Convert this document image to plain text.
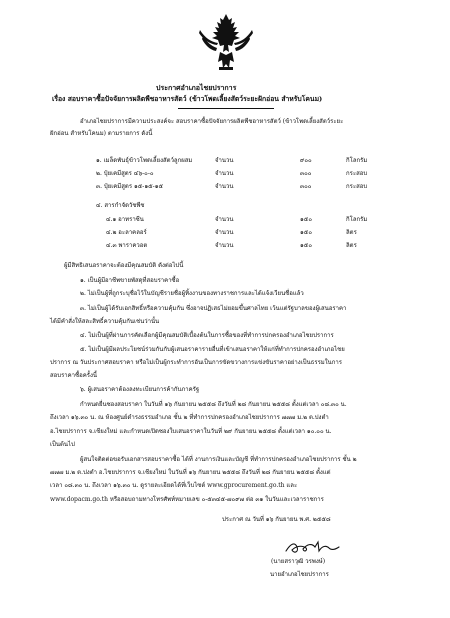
ประกาศอำเภอไชยปราการ
เรื่อง สอบราคาซื้อปัจจัยการผลิตพืชอาหารสัตว์ (ข้าวโพดเลี้ยงสัตว์ระยะฝักอ่อน สำหรับโคนม)
อำเภอไชยปราการมีความประสงค์จะ สอบราคาซื้อปัจจัยการผลิตพืชอาหารสัตว์ (ข้าวโพดเลี้ยงสัตว์ระยะ
ฝักอ่อน สำหรับโคนม) ตามรายการ ดังนี้
๑. เมล็ดพันธุ์ข้าวโพดเลี้ยงสัตว์ลูกผสม	จำนวน	๙๐๐	กิโลกรัม
๒. ปุ๋ยเคมีสูตร ๔๖-๐-๐	จำนวน	๓๐๐	กระสอบ
๓. ปุ๋ยเคมีสูตร ๑๕-๑๕-๑๕	จำนวน	๓๐๐	กระสอบ
๔. สารกำจัดวัชพืช
๔.๑ อาทราซีน	จำนวน	๑๕๐	กิโลกรัม
๔.๒ อะลาคลอร์	จำนวน	๑๕๐	ลิตร
๔.๓ พาราควอต	จำนวน	๑๕๐	ลิตร
ผู้มีสิทธิเสนอราคาจะต้องมีคุณสมบัติ ดังต่อไปนี้
๑. เป็นผู้มีอาชีพขายพัสดุที่สอบราคาซื้อ
๒. ไม่เป็นผู้ที่ถูกระบุชื่อไว้ในบัญชีรายชื่อผู้ทิ้งงานของทางราชการและได้แจ้งเวียนชื่อแล้ว
๓. ไม่เป็นผู้ได้รับเอกสิทธิ์หรือความคุ้มกัน ซึ่งอาจปฏิเสธไม่ยอมขึ้นศาลไทย เว้นแต่รัฐบาลของผู้เสนอราคา
ได้มีคำสั่งให้สละสิทธิ์ความคุ้มกันเช่นว่านั้น
๔. ไม่เป็นผู้ที่ผ่านการคัดเลือกผู้มีคุณสมบัติเบื้องต้นในการซื้อของที่ทำการปกครองอำเภอไชยปราการ
๕. ไม่เป็นผู้มีผลประโยชน์ร่วมกันกับผู้เสนอราคารายอื่นที่เข้าเสนอราคาให้แก่ที่ทำการปกครองอำเภอไชย
ปราการ ณ วันประกาศสอบราคา หรือไม่เป็นผู้กระทำการอันเป็นการขัดขวางการแข่งขันราคาอย่างเป็นธรรมในการ
สอบราคาซื้อครั้งนี้
๖. ผู้เสนอราคาต้องลงทะเบียนการค้ากับภาครัฐ
กำหนดยื่นซองสอบราคา ในวันที่ ๑๖ กันยายน ๒๕๕๘ ถึงวันที่ ๒๘ กันยายน ๒๕๕๘ ตั้งแต่เวลา ๐๘.๓๐ น.
ถึงเวลา ๑๖.๓๐ น. ณ ห้องศูนย์ดำรงธรรมอำเภอ ชั้น ๒ ที่ทำการปกครองอำเภอไชยปราการ ๗๗๗ ม.๒ ต.ปงตำ
อ.ไชยปราการ จ.เชียงใหม่ และกำหนดเปิดซองใบเสนอราคาในวันที่ ๒๙ กันยายน ๒๕๕๘ ตั้งแต่เวลา ๑๐.๐๐ น.
เป็นต้นไป
ผู้สนใจติดต่อขอรับเอกสารสอบราคาซื้อ ได้ที่ งานการเงินและบัญชี ที่ทำการปกครองอำเภอไชยปราการ ชั้น ๒
๗๗๗ ม.๒ ต.ปงตำ อ.ไชยปราการ จ.เชียงใหม่ ในวันที่ ๑๖ กันยายน ๒๕๕๘ ถึงวันที่ ๒๘ กันยายน ๒๕๕๘ ตั้งแต่
เวลา ๐๘.๓๐ น. ถึงเวลา ๑๖.๓๐ น. ดูรายละเอียดได้ที่เว็บไซต์ www.gprocurement.go.th และ
www.dopacm.go.th หรือสอบถามทางโทรศัพท์หมายเลข ๐-๕๓๔๕-๗๐๙๗ ต่อ ๓๑ ในวันและเวลาราชการ
ประกาศ ณ วันที่ ๑๖ กันยายน พ.ศ. ๒๕๕๘
(นายสราวุฒิ วรพงษ์)
นายอำเภอไชยปราการ
